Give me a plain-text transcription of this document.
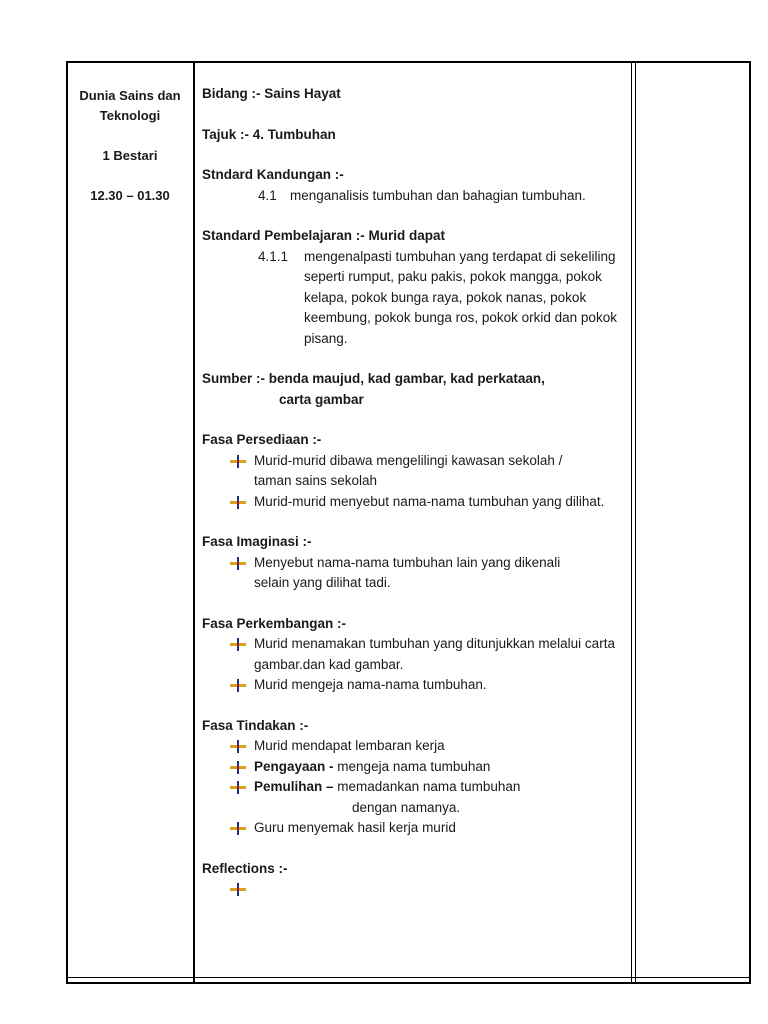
Dunia Sains dan Teknologi
1 Bestari
12.30 – 01.30
Bidang :- Sains Hayat
Tajuk :- 4. Tumbuhan
Stndard Kandungan :-
4.1 menganalisis tumbuhan dan bahagian tumbuhan.
Standard Pembelajaran :- Murid dapat
4.1.1	mengenalpasti tumbuhan yang terdapat di sekeliling seperti rumput, paku pakis, pokok mangga, pokok kelapa, pokok bunga raya, pokok nanas, pokok keembung, pokok bunga ros, pokok orkid dan pokok pisang.
Sumber :- benda maujud, kad gambar, kad perkataan,
carta gambar
Fasa Persediaan :-
Murid-murid dibawa mengelilingi kawasan sekolah / taman sains sekolah
Murid-murid menyebut nama-nama tumbuhan yang dilihat.
Fasa Imaginasi :-
Menyebut nama-nama tumbuhan lain yang dikenali selain yang dilihat tadi.
Fasa Perkembangan :-
Murid menamakan tumbuhan yang ditunjukkan melalui carta gambar.dan kad gambar.
Murid mengeja nama-nama tumbuhan.
Fasa Tindakan :-
Murid mendapat lembaran kerja
Pengayaan - mengeja nama tumbuhan
Pemulihan – memadankan nama tumbuhan
dengan namanya.
Guru menyemak hasil kerja murid
Reflections :-
